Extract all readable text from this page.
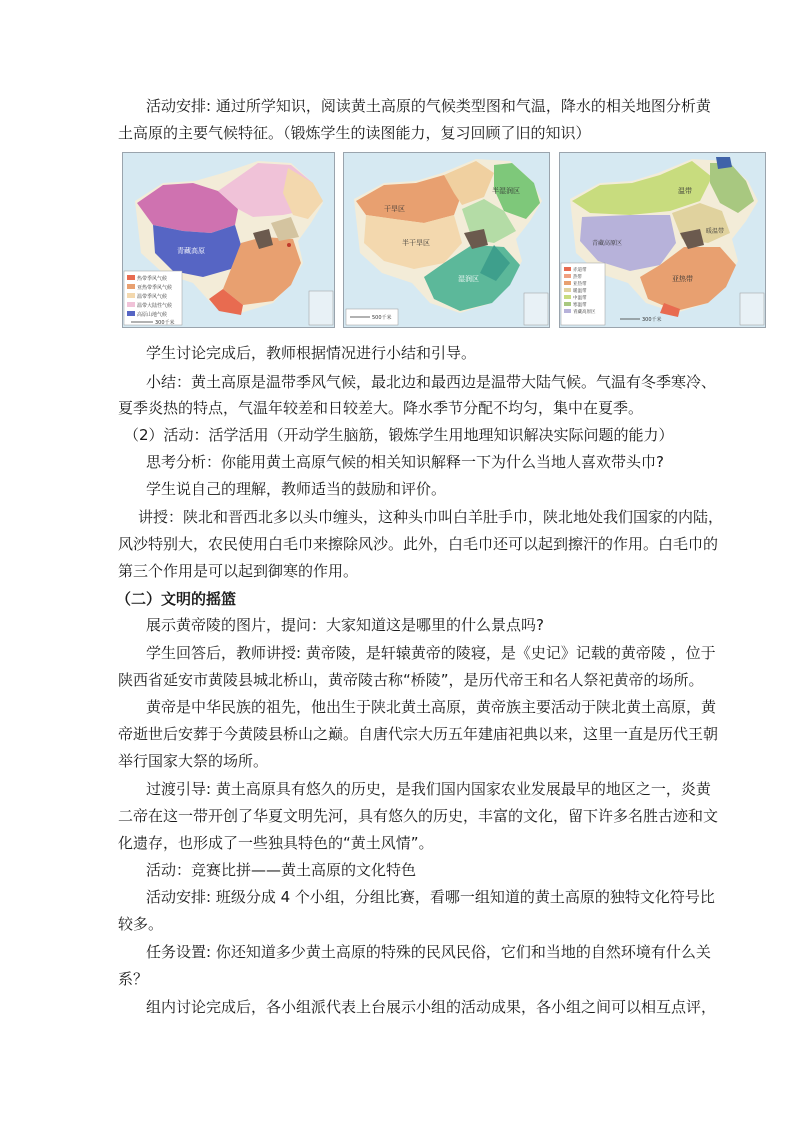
活动安排: 通过所学知识，阅读黄土高原的气候类型图和气温，降水的相关地图分析黄
土高原的主要气候特征。（锻炼学生的读图能力，复习回顾了旧的知识）
青藏高原
热带季风气候
亚热带季风气候
温带季风气候
温带大陆性气候
高原山地气候
300千米
干旱区
半干旱区
湿润区
半湿润区
500千米
温带
青藏高原区
亚热带
暖温带
赤道带
热带
亚热带
暖温带
中温带
寒温带
青藏高原区
300千米
学生讨论完成后，教师根据情况进行小结和引导。
小结：黄土高原是温带季风气候，最北边和最西边是温带大陆气候。气温有冬季寒冷、
夏季炎热的特点，气温年较差和日较差大。降水季节分配不均匀，集中在夏季。
（2）活动：活学活用（开动学生脑筋，锻炼学生用地理知识解决实际问题的能力）
思考分析：你能用黄土高原气候的相关知识解释一下为什么当地人喜欢带头巾?
学生说自己的理解，教师适当的鼓励和评价。
讲授：陕北和晋西北多以头巾缠头，这种头巾叫白羊肚手巾，陕北地处我们国家的内陆，
风沙特别大，农民使用白毛巾来擦除风沙。此外，白毛巾还可以起到擦汗的作用。白毛巾的
第三个作用是可以起到御寒的作用。
（二）文明的摇篮
展示黄帝陵的图片，提问：大家知道这是哪里的什么景点吗?
学生回答后，教师讲授: 黄帝陵，是轩辕黄帝的陵寝，是《史记》记载的黄帝陵 ，位于
陕西省延安市黄陵县城北桥山，黄帝陵古称“桥陵”，是历代帝王和名人祭祀黄帝的场所。
黄帝是中华民族的祖先，他出生于陕北黄土高原，黄帝族主要活动于陕北黄土高原，黄
帝逝世后安葬于今黄陵县桥山之巅。自唐代宗大历五年建庙祀典以来，这里一直是历代王朝
举行国家大祭的场所。
过渡引导: 黄土高原具有悠久的历史，是我们国内国家农业发展最早的地区之一，炎黄
二帝在这一带开创了华夏文明先河，具有悠久的历史，丰富的文化，留下许多名胜古迹和文
化遗存，也形成了一些独具特色的“黄土风情”。
活动：竞赛比拼——黄土高原的文化特色
活动安排: 班级分成 4 个小组，分组比赛，看哪一组知道的黄土高原的独特文化符号比
较多。
任务设置: 你还知道多少黄土高原的特殊的民风民俗，它们和当地的自然环境有什么关
系？
组内讨论完成后，各小组派代表上台展示小组的活动成果，各小组之间可以相互点评，
